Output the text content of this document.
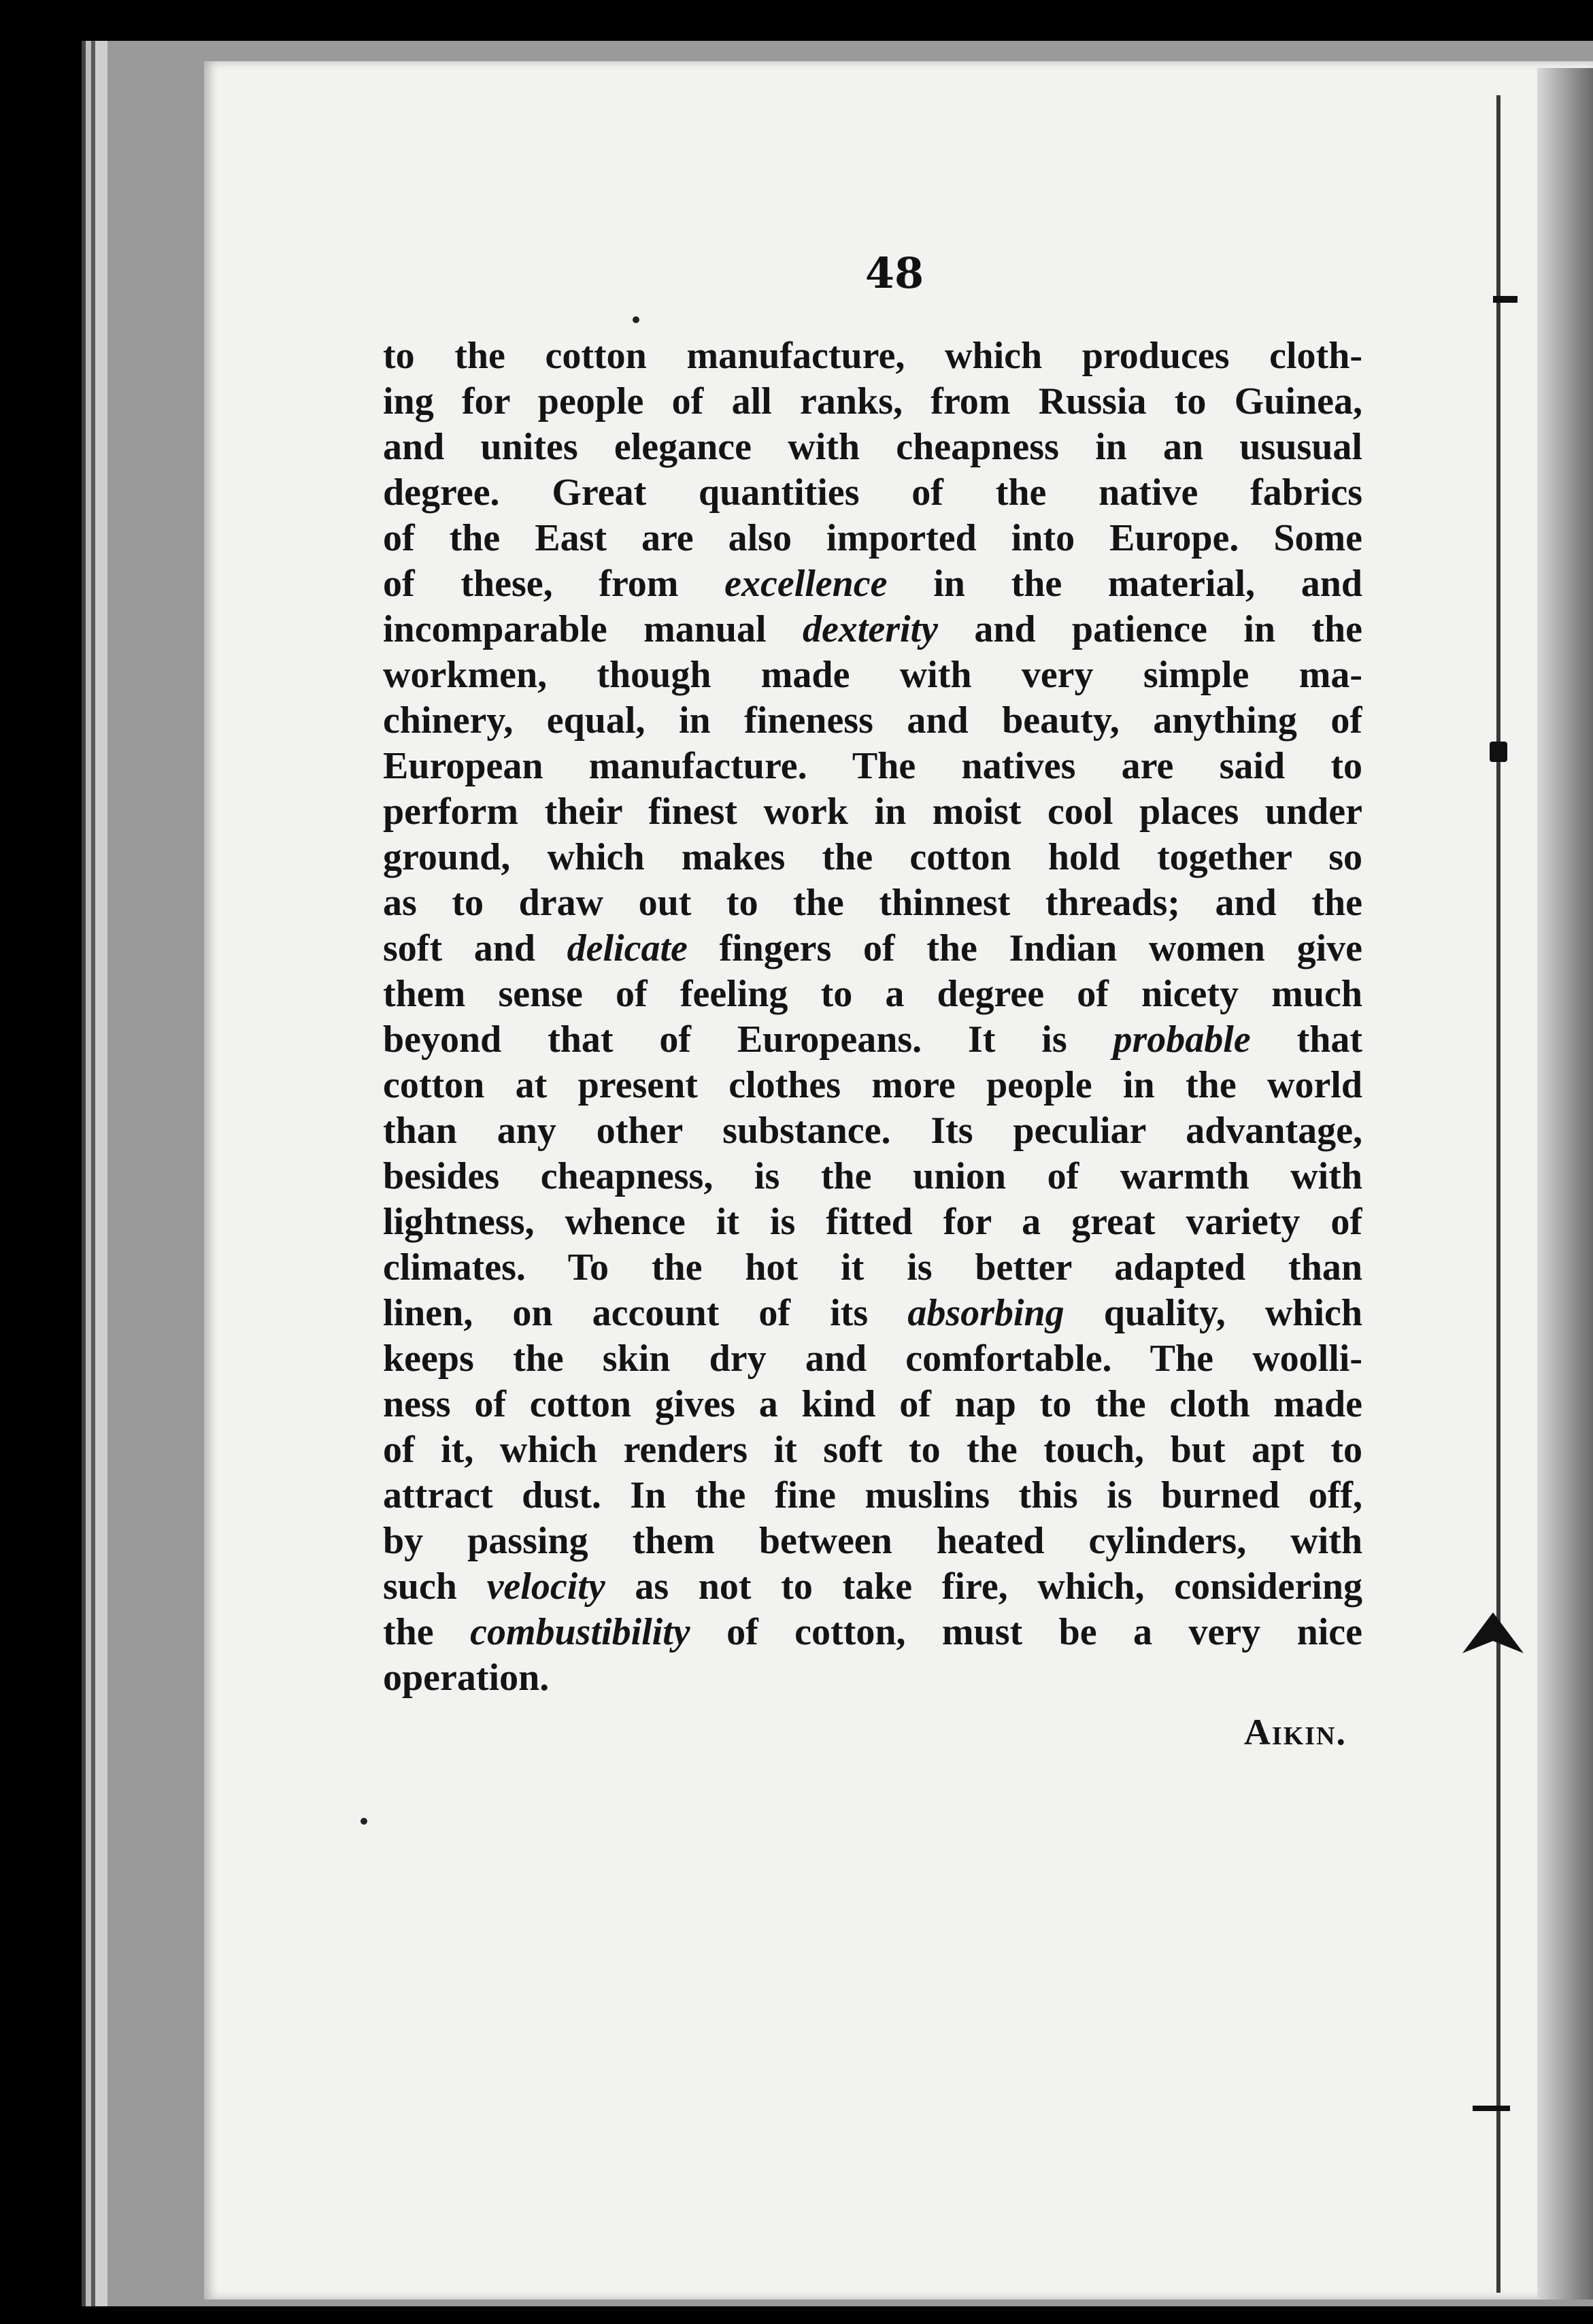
48
to the cotton manufacture, which produces cloth-
ing for people of all ranks, from Russia to Guinea,
and unites elegance with cheapness in an ususual
degree. Great quantities of the native fabrics
of the East are also imported into Europe. Some
of these, from excellence in the material, and
incomparable manual dexterity and patience in the
workmen, though made with very simple ma-
chinery, equal, in fineness and beauty, anything of
European manufacture. The natives are said to
perform their finest work in moist cool places under
ground, which makes the cotton hold together so
as to draw out to the thinnest threads; and the
soft and delicate fingers of the Indian women give
them sense of feeling to a degree of nicety much
beyond that of Europeans. It is probable that
cotton at present clothes more people in the world
than any other substance. Its peculiar advantage,
besides cheapness, is the union of warmth with
lightness, whence it is fitted for a great variety of
climates. To the hot it is better adapted than
linen, on account of its absorbing quality, which
keeps the skin dry and comfortable. The woolli-
ness of cotton gives a kind of nap to the cloth made
of it, which renders it soft to the touch, but apt to
attract dust. In the fine muslins this is burned off,
by passing them between heated cylinders, with
such velocity as not to take fire, which, considering
the combustibility of cotton, must be a very nice
operation.
Aikin.
